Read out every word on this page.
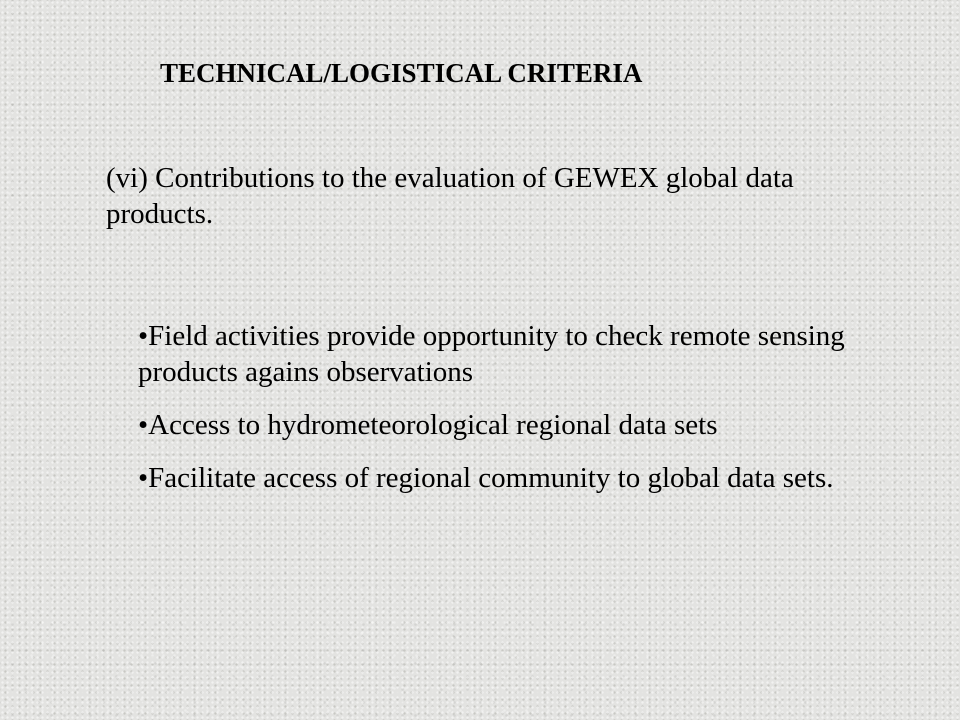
TECHNICAL/LOGISTICAL CRITERIA

(vi) Contributions to the evaluation of GEWEX global data products.

•Field activities provide opportunity to check remote sensing products agains observations
•Access to hydrometeorological regional data sets
•Facilitate access of regional community to global data sets.
